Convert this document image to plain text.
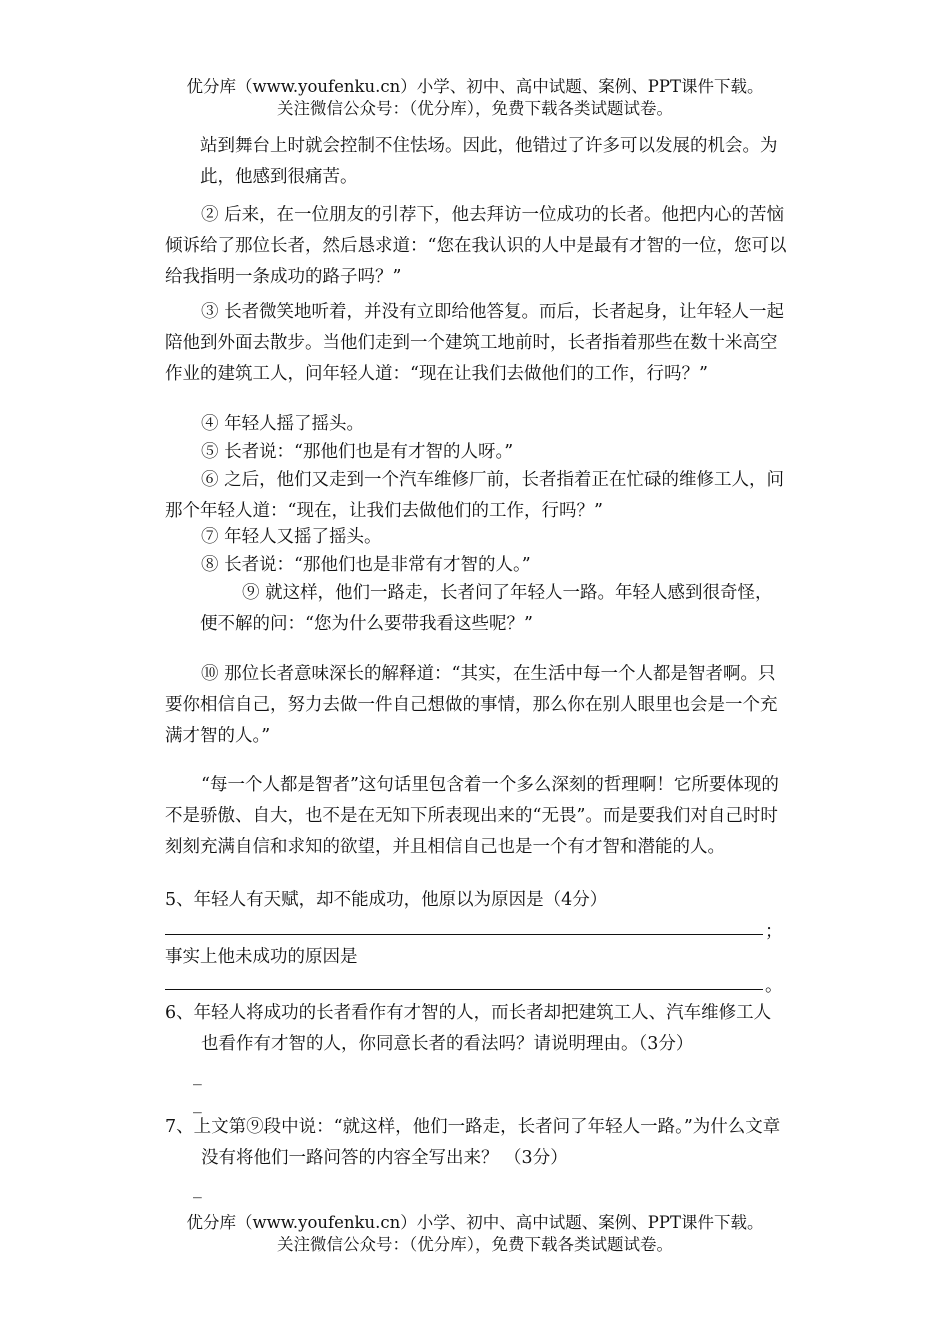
优分库（www.youfenku.cn）小学、初中、高中试题、案例、PPT课件下载。
关注微信公众号：（优分库），免费下载各类试题试卷。

站到舞台上时就会控制不住怯场。因此，他错过了许多可以发展的机会。为此，他感到很痛苦。

② 后来，在一位朋友的引荐下，他去拜访一位成功的长者。他把内心的苦恼倾诉给了那位长者，然后恳求道：“您在我认识的人中是最有才智的一位，您可以给我指明一条成功的路子吗？”

③ 长者微笑地听着，并没有立即给他答复。而后，长者起身，让年轻人一起陪他到外面去散步。当他们走到一个建筑工地前时，长者指着那些在数十米高空作业的建筑工人，问年轻人道：“现在让我们去做他们的工作，行吗？”

④ 年轻人摇了摇头。

⑤ 长者说：“那他们也是有才智的人呀。”

⑥ 之后，他们又走到一个汽车维修厂前，长者指着正在忙碌的维修工人，问那个年轻人道：“现在，让我们去做他们的工作，行吗？”

⑦ 年轻人又摇了摇头。

⑧ 长者说：“那他们也是非常有才智的人。”

⑨ 就这样，他们一路走，长者问了年轻人一路。年轻人感到很奇怪，便不解的问：“您为什么要带我看这些呢？”

⑩ 那位长者意味深长的解释道：“其实，在生活中每一个人都是智者啊。只要你相信自己，努力去做一件自己想做的事情，那么你在别人眼里也会是一个充满才智的人。”

“每一个人都是智者”这句话里包含着一个多么深刻的哲理啊！它所要体现的不是骄傲、自大，也不是在无知下所表现出来的“无畏”。而是要我们对自己时时刻刻充满自信和求知的欲望，并且相信自己也是一个有才智和潜能的人。

5、年轻人有天赋，却不能成功，他原以为原因是（4分）

；

事实上他未成功的原因是

。

6、年轻人将成功的长者看作有才智的人，而长者却把建筑工人、汽车维修工人也看作有才智的人，你同意长者的看法吗？请说明理由。（3分）

_
_

7、上文第⑨段中说：“就这样，他们一路走，长者问了年轻人一路。”为什么文章没有将他们一路问答的内容全写出来？ （3分）

_
优分库（www.youfenku.cn）小学、初中、高中试题、案例、PPT课件下载。
关注微信公众号：（优分库），免费下载各类试题试卷。
